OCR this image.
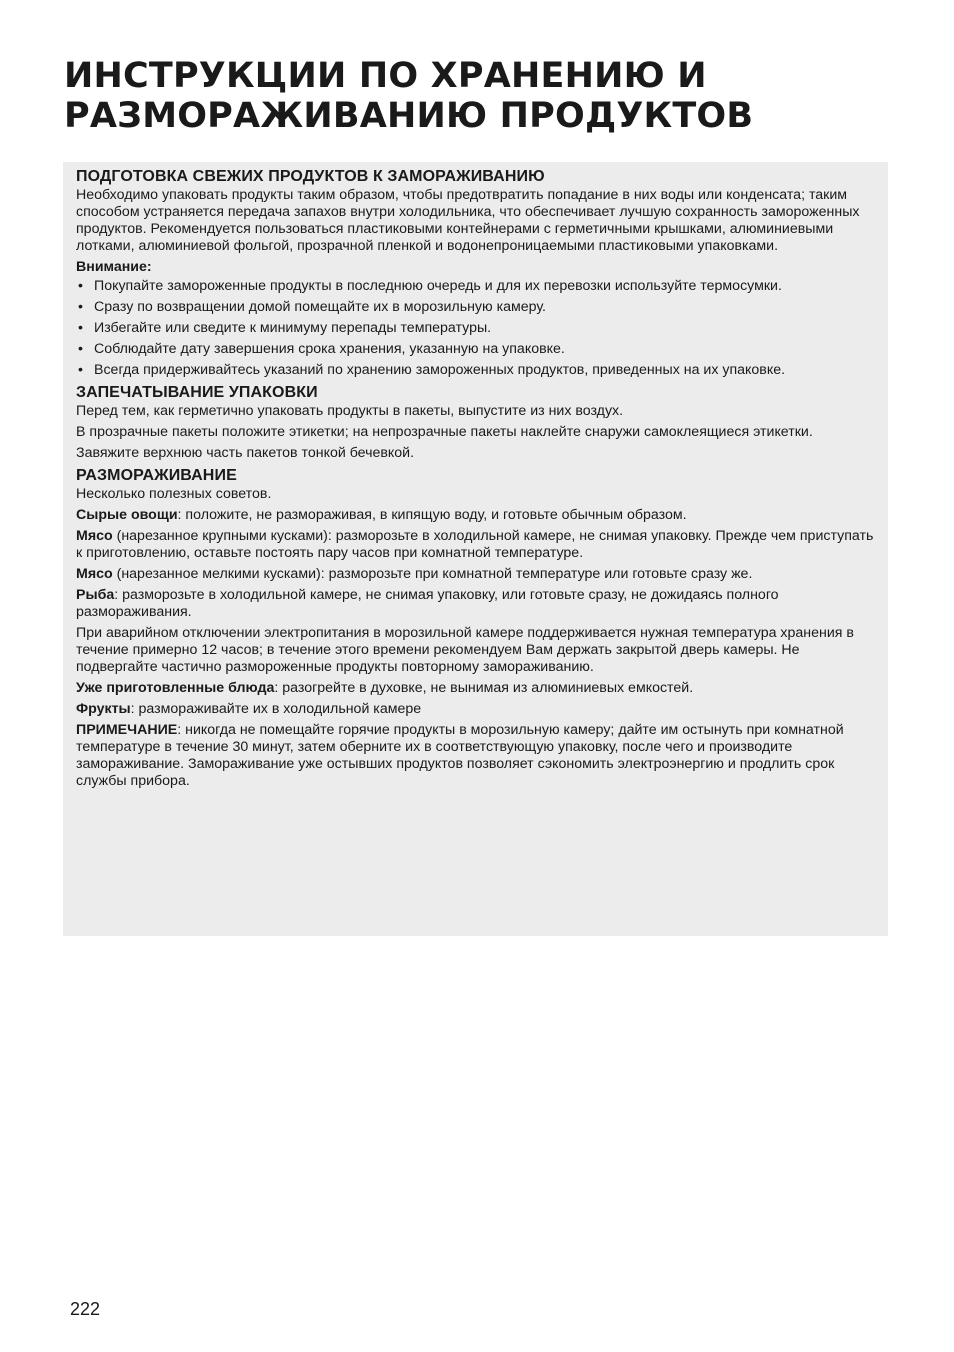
ИНСТРУКЦИИ ПО ХРАНЕНИЮ И
РАЗМОРАЖИВАНИЮ ПРОДУКТОВ
ПОДГОТОВКА СВЕЖИХ ПРОДУКТОВ К ЗАМОРАЖИВАНИЮ
Необходимо упаковать продукты таким образом, чтобы предотвратить попадание в них воды или конденсата; таким способом устраняется передача запахов внутри холодильника, что обеспечивает лучшую сохранность замороженных продуктов. Рекомендуется пользоваться пластиковыми контейнерами с герметичными крышками, алюминиевыми лотками, алюминиевой фольгой, прозрачной пленкой и водонепроницаемыми пластиковыми упаковками.
Внимание:
• Покупайте замороженные продукты в последнюю очередь и для их перевозки используйте термосумки.
• Сразу по возвращении домой помещайте их в морозильную камеру.
• Избегайте или сведите к минимуму перепады температуры.
• Соблюдайте дату завершения срока хранения, указанную на упаковке.
• Всегда придерживайтесь указаний по хранению замороженных продуктов, приведенных на их упаковке.
ЗАПЕЧАТЫВАНИЕ УПАКОВКИ
Перед тем, как герметично упаковать продукты в пакеты, выпустите из них воздух.
В прозрачные пакеты положите этикетки; на непрозрачные пакеты наклейте снаружи самоклеящиеся этикетки.
Завяжите верхнюю часть пакетов тонкой бечевкой.
РАЗМОРАЖИВАНИЕ
Несколько полезных советов.
Сырые овощи: положите, не размораживая, в кипящую воду, и готовьте обычным образом.
Мясо (нарезанное крупными кусками): разморозьте в холодильной камере, не снимая упаковку. Прежде чем приступать к приготовлению, оставьте постоять пару часов при комнатной температуре.
Мясо (нарезанное мелкими кусками): разморозьте при комнатной температуре или готовьте сразу же.
Рыба: разморозьте в холодильной камере, не снимая упаковку, или готовьте сразу, не дожидаясь полного размораживания.
При аварийном отключении электропитания в морозильной камере поддерживается нужная температура хранения в течение примерно 12 часов; в течение этого времени рекомендуем Вам держать закрытой дверь камеры. Не подвергайте частично размороженные продукты повторному замораживанию.
Уже приготовленные блюда: разогрейте в духовке, не вынимая из алюминиевых емкостей.
Фрукты: размораживайте их в холодильной камере
ПРИМЕЧАНИЕ: никогда не помещайте горячие продукты в морозильную камеру; дайте им остынуть при комнатной температуре в течение 30 минут, затем оберните их в соответствующую упаковку, после чего и производите замораживание. Замораживание уже остывших продуктов позволяет сэкономить электроэнергию и продлить срок службы прибора.
222
